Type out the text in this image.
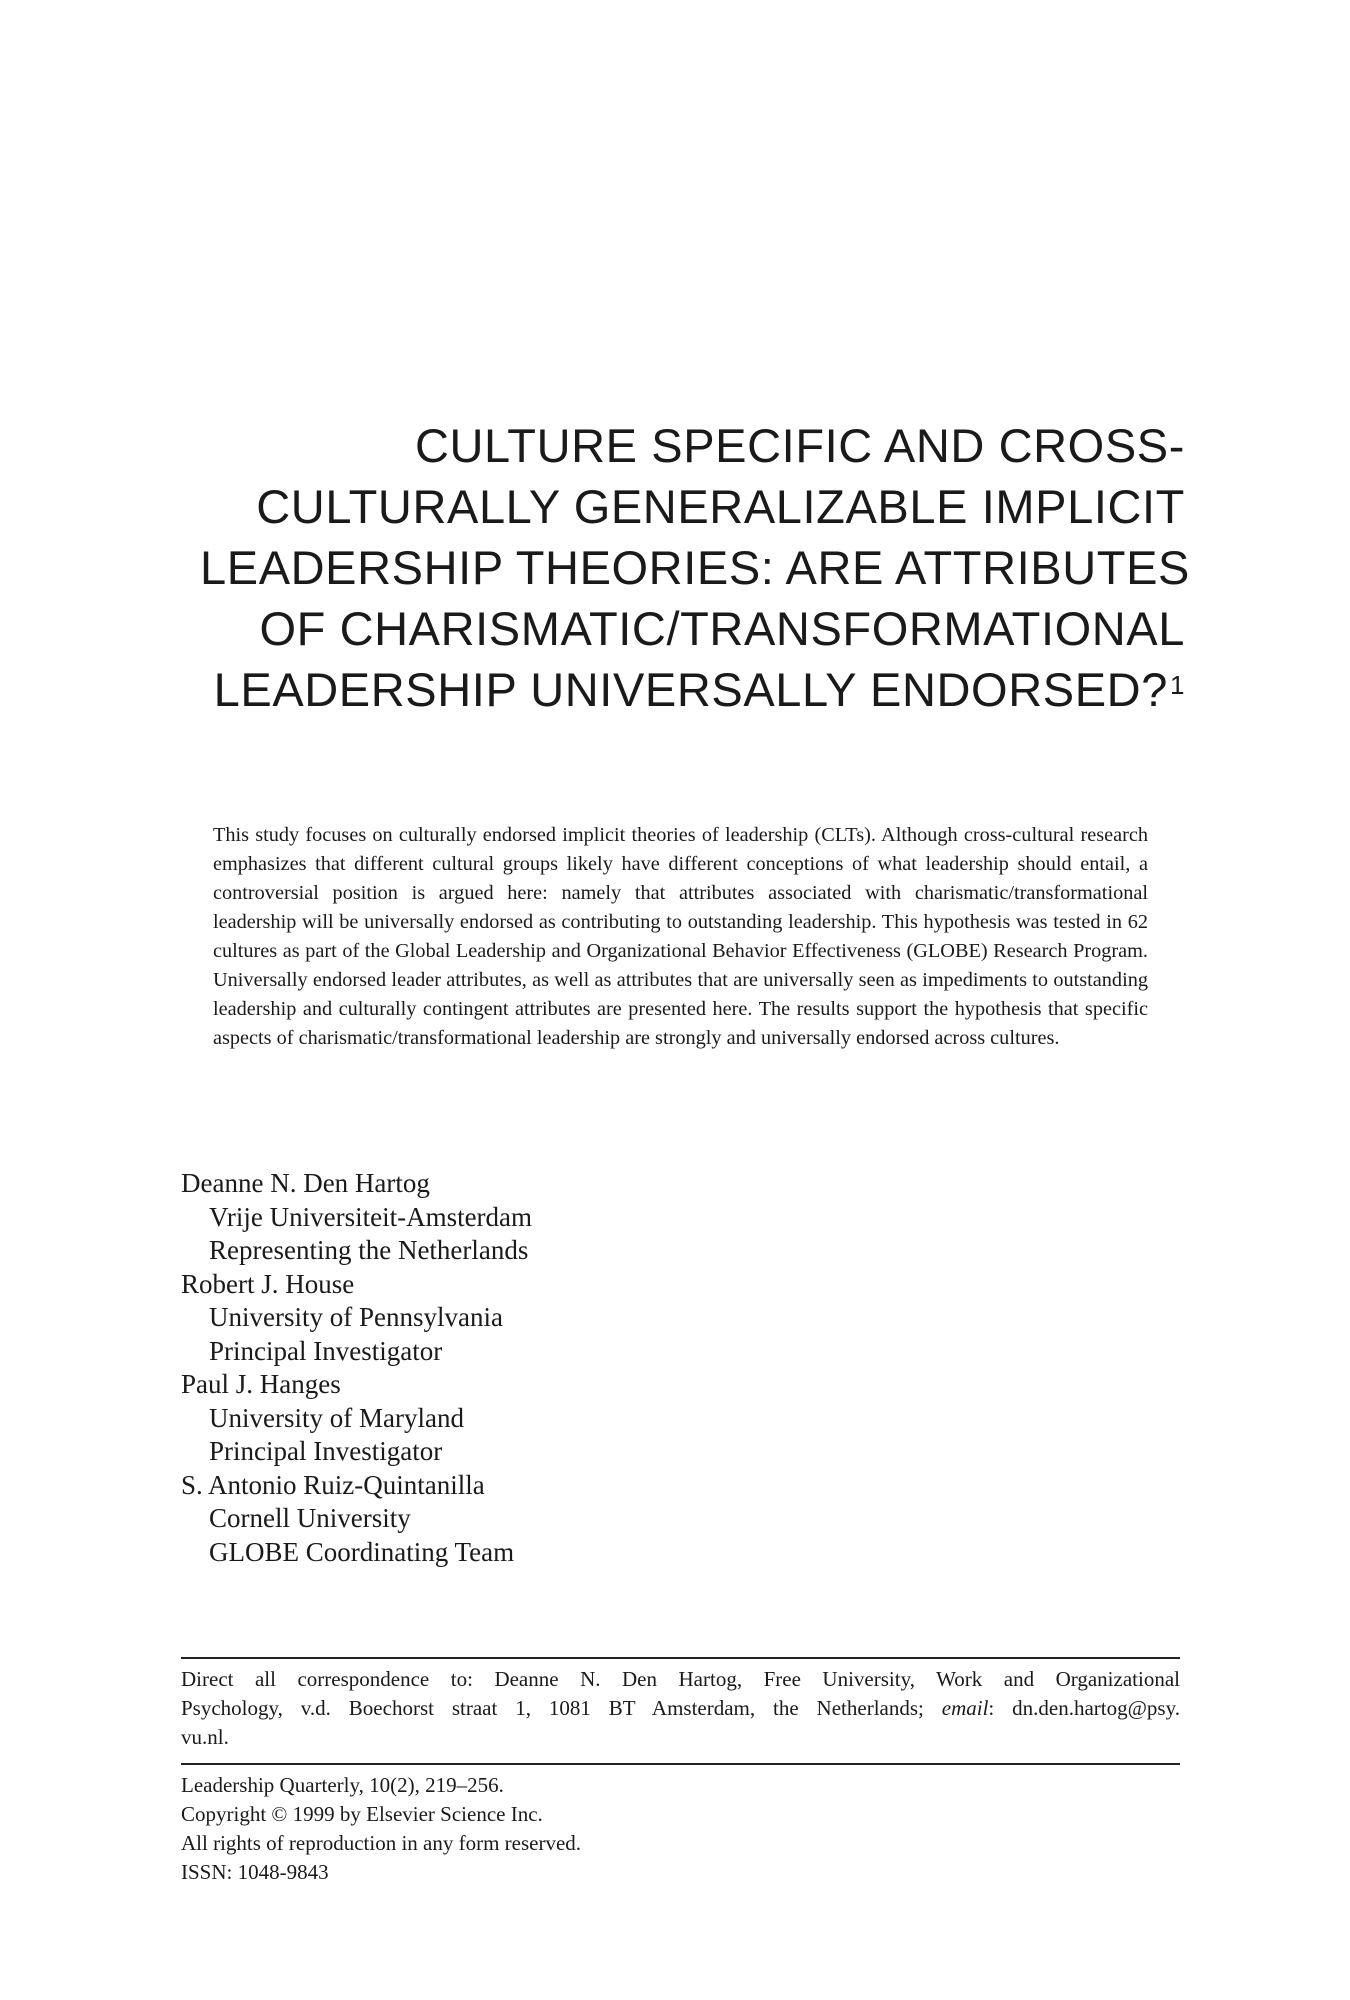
CULTURE SPECIFIC AND CROSS-
CULTURALLY GENERALIZABLE IMPLICIT
LEADERSHIP THEORIES: ARE ATTRIBUTES
OF CHARISMATIC/TRANSFORMATIONAL
LEADERSHIP UNIVERSALLY ENDORSED?$^1$
This study focuses on culturally endorsed implicit theories of leadership (CLTs). Although cross-cultural research emphasizes that different cultural groups likely have different conceptions of what leadership should entail, a controversial position is argued here: namely that attributes associated with charismatic/transformational leadership will be universally endorsed as contributing to outstanding leadership. This hypothesis was tested in 62 cultures as part of the Global Leadership and Organizational Behavior Effectiveness (GLOBE) Research Program. Universally endorsed leader attributes, as well as attributes that are universally seen as impediments to outstanding leadership and culturally contingent attributes are presented here. The results support the hypothesis that specific aspects of charismatic/transformational leadership are strongly and universally endorsed across cultures.
Deanne N. Den Hartog
Vrije Universiteit-Amsterdam
Representing the Netherlands
Robert J. House
University of Pennsylvania
Principal Investigator
Paul J. Hanges
University of Maryland
Principal Investigator
S. Antonio Ruiz-Quintanilla
Cornell University
GLOBE Coordinating Team
Direct all correspondence to: Deanne N. Den Hartog, Free University, Work and Organizational
Psychology, v.d. Boechorst straat 1, 1081 BT Amsterdam, the Netherlands; email: dn.den.hartog@psy.
vu.nl.
Leadership Quarterly, 10(2), 219–256.
Copyright © 1999 by Elsevier Science Inc.
All rights of reproduction in any form reserved.
ISSN: 1048-9843
